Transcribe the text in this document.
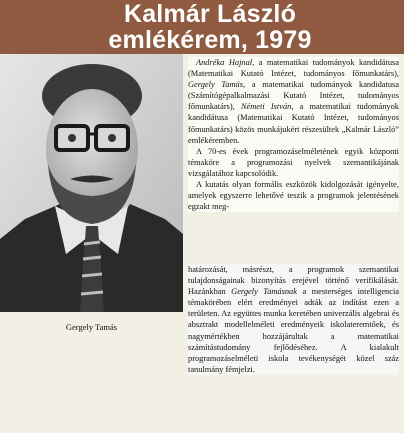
Kalmár László
emlékérem, 1979
Gergely Tamás

Andréka Hajnal, a matematikai tudományok kandidátusa (Matematikai Kutató Intézet, tudományos főmunkatárs), Gergely Tamás, a matematikai tudományok kandidatusa (Számítógépalkalmazási Kutató Intézet, tudományos főmunkatárs), Németi István, a matematikai tudományok kandidátusa (Matematikai Kutató Intézet, tudományos főmunkatárs) közös munkájukért részesültek „Kalmár László” emlékéremben.

A 70-es évek programozáselméletének egyik központi témaköre a programozási nyelvek szemantikájának vizsgálatához kapcsolódik.

A kutatás olyan formális eszközök kidolgozását igényelte, amelyek egyszerre lehetővé teszik a programok jelentésének egzakt meg-

határozását, másrészt, a programok szemantikai tulajdonságainak bizonyítás erejével történő verifikálását. Hazánkban Gergely Tamásnak a mesterséges intelligencia témakörében elért eredményei adták az indítást ezen a területen. Az együttes munka keretében univerzális algebrai és absztrakt modellelméleti eredményeik iskolateremtőek, és nagymértékben hozzájárultak a matematikai számítástudomány fejlődéséhez. A kialakult programozáselméleti iskola tevékenységét közel száz tanulmány fémjelzi.
